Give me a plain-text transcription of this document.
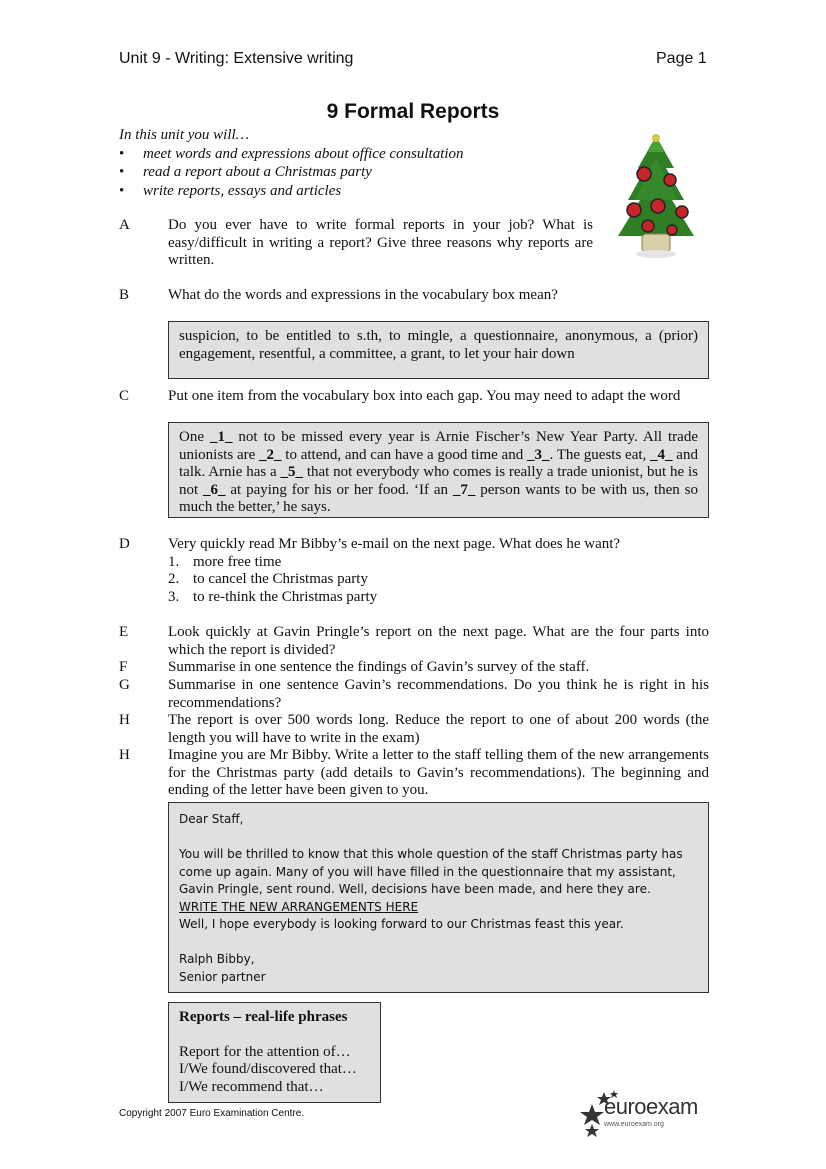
Unit 9 - Writing: Extensive writing	Page 1
9 Formal Reports
In this unit you will…
• meet words and expressions about office consultation
• read a report about a Christmas party
• write reports, essays and articles
A	Do you ever have to write formal reports in your job? What is easy/difficult in writing a report? Give three reasons why reports are written.
B	What do the words and expressions in the vocabulary box mean?
suspicion, to be entitled to s.th, to mingle, a questionnaire, anonymous, a (prior) engagement, resentful, a committee, a grant, to let your hair down
C	Put one item from the vocabulary box into each gap. You may need to adapt the word
One _1_ not to be missed every year is Arnie Fischer’s New Year Party. All trade unionists are _2_ to attend, and can have a good time and _3_. The guests eat, _4_ and talk. Arnie has a _5_ that not everybody who comes is really a trade unionist, but he is not _6_ at paying for his or her food. ‘If an _7_ person wants to be with us, then so much the better,’ he says.
D	Very quickly read Mr Bibby’s e-mail on the next page. What does he want?
1. more free time
2. to cancel the Christmas party
3. to re-think the Christmas party
E	Look quickly at Gavin Pringle’s report on the next page. What are the four parts into which the report is divided?
F	Summarise in one sentence the findings of Gavin’s survey of the staff.
G	Summarise in one sentence Gavin’s recommendations. Do you think he is right in his recommendations?
H	The report is over 500 words long. Reduce the report to one of about 200 words (the length you will have to write in the exam)
H	Imagine you are Mr Bibby. Write a letter to the staff telling them of the new arrangements for the Christmas party (add details to Gavin’s recommendations). The beginning and ending of the letter have been given to you.

Dear Staff,

You will be thrilled to know that this whole question of the staff Christmas party has come up again. Many of you will have filled in the questionnaire that my assistant, Gavin Pringle, sent round. Well, decisions have been made, and here they are.

WRITE THE NEW ARRANGEMENTS HERE

Well, I hope everybody is looking forward to our Christmas feast this year.

Ralph Bibby,

Senior partner

Reports – real-life phrases
Report for the attention of…
I/We found/discovered that…
I/We recommend that…
Copyright 2007 Euro Examination Centre.	euroexam
www.euroexam.org
